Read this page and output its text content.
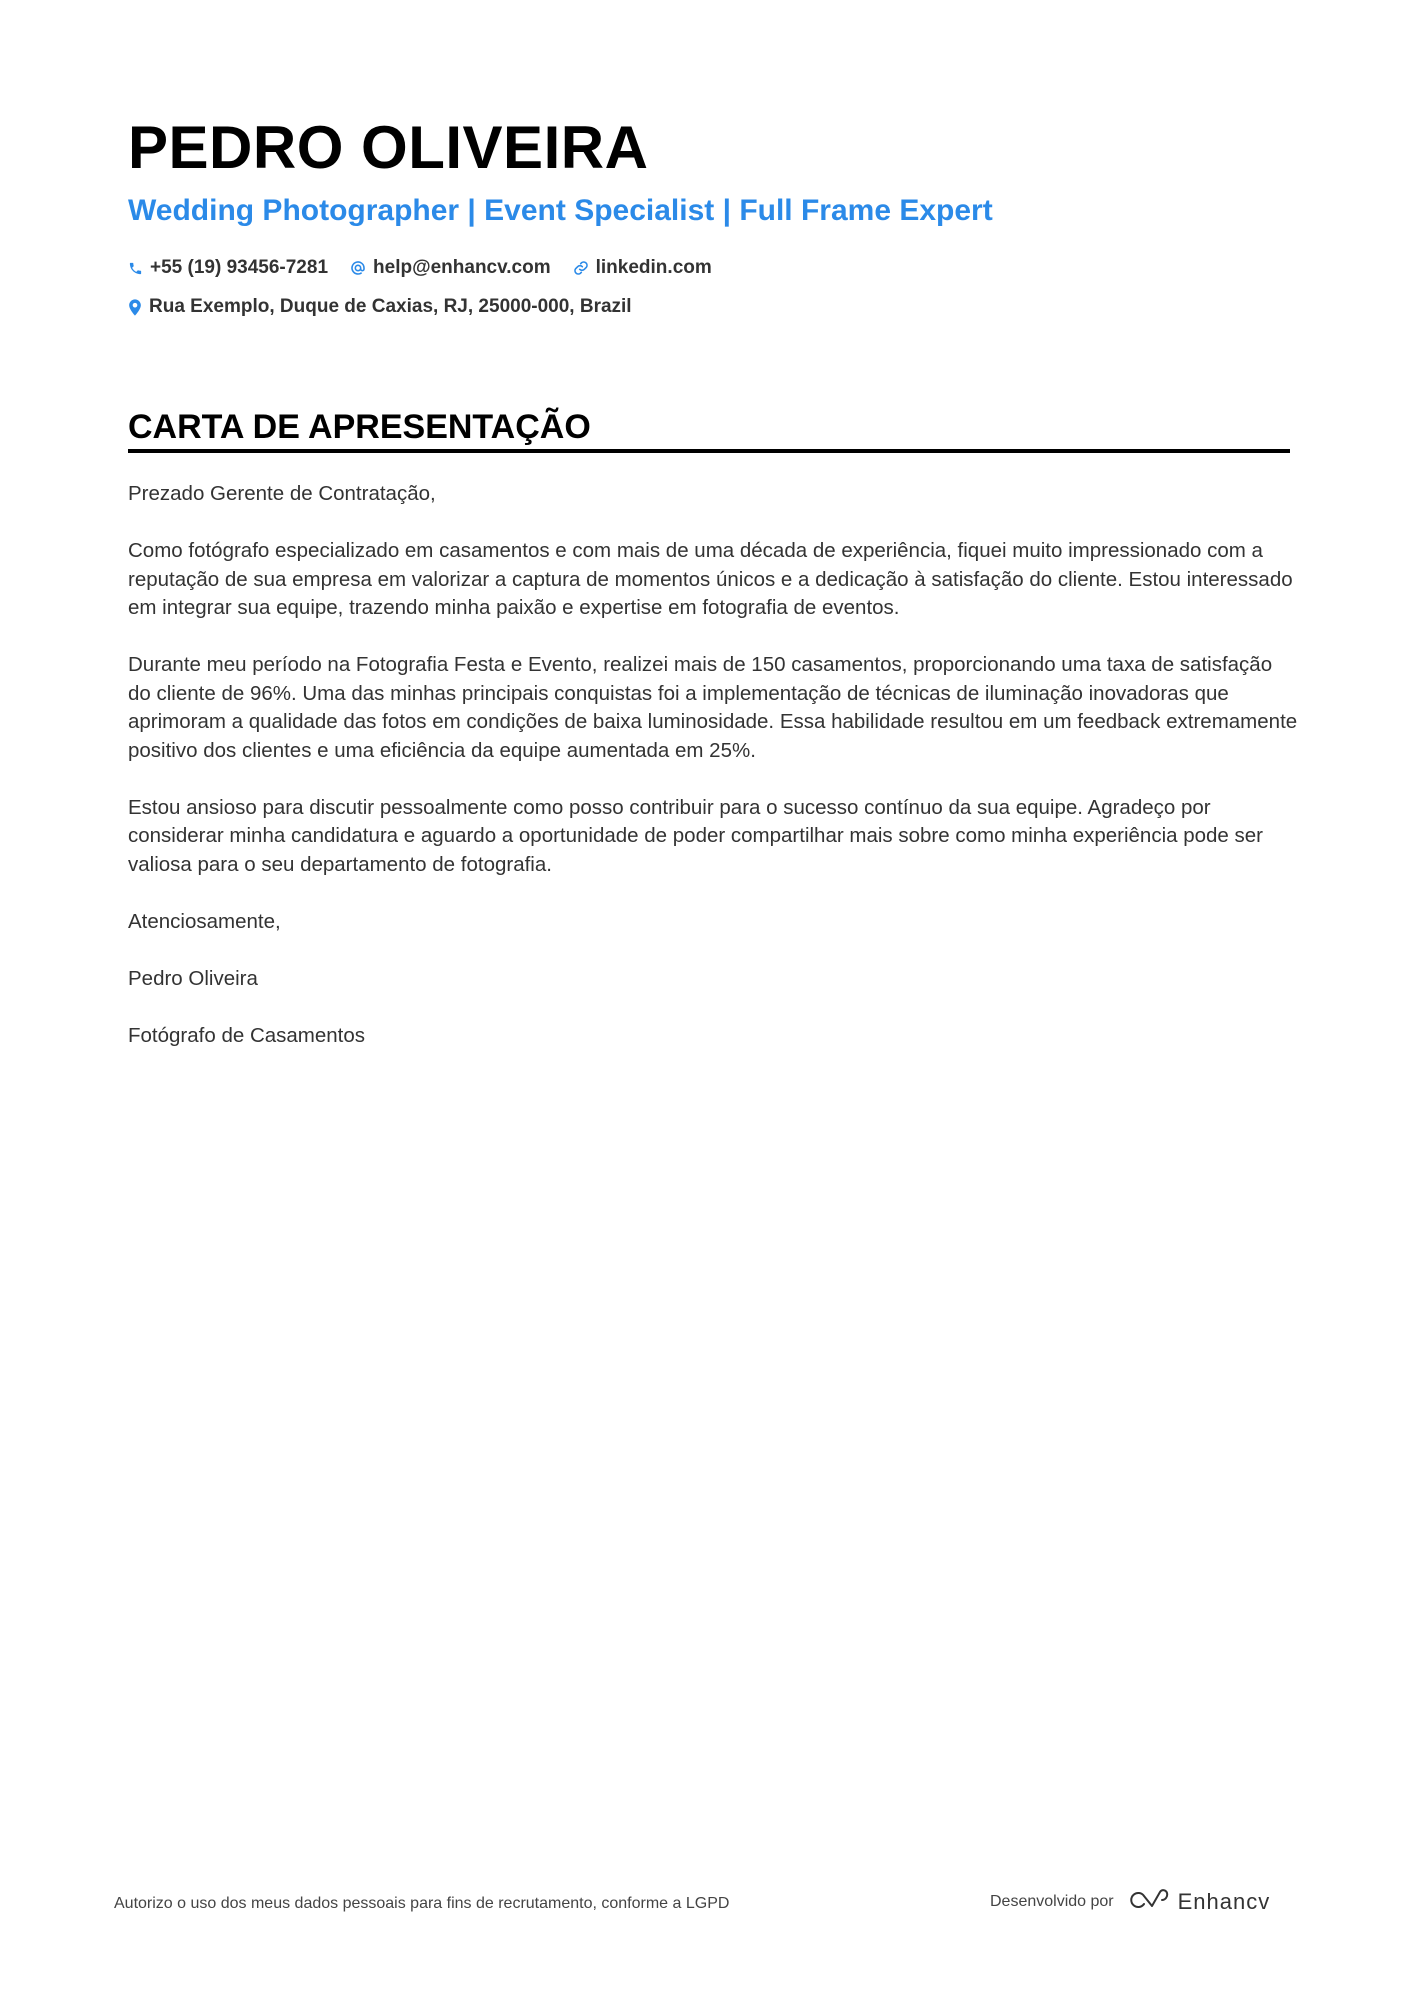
PEDRO OLIVEIRA
Wedding Photographer | Event Specialist | Full Frame Expert
+55 (19) 93456-7281 help@enhancv.com linkedin.com
Rua Exemplo, Duque de Caxias, RJ, 25000-000, Brazil
CARTA DE APRESENTAÇÃO

Prezado Gerente de Contratação,

Como fotógrafo especializado em casamentos e com mais de uma década de experiência, fiquei muito impressionado com a reputação de sua empresa em valorizar a captura de momentos únicos e a dedicação à satisfação do cliente. Estou interessado em integrar sua equipe, trazendo minha paixão e expertise em fotografia de eventos.

Durante meu período na Fotografia Festa e Evento, realizei mais de 150 casamentos, proporcionando uma taxa de satisfação do cliente de 96%. Uma das minhas principais conquistas foi a implementação de técnicas de iluminação inovadoras que aprimoram a qualidade das fotos em condições de baixa luminosidade. Essa habilidade resultou em um feedback extremamente positivo dos clientes e uma eficiência da equipe aumentada em 25%.

Estou ansioso para discutir pessoalmente como posso contribuir para o sucesso contínuo da sua equipe. Agradeço por considerar minha candidatura e aguardo a oportunidade de poder compartilhar mais sobre como minha experiência pode ser valiosa para o seu departamento de fotografia.

Atenciosamente,

Pedro Oliveira

Fotógrafo de Casamentos

Autorizo o uso dos meus dados pessoais para fins de recrutamento, conforme a LGPD	Desenvolvido por	Enhancv
